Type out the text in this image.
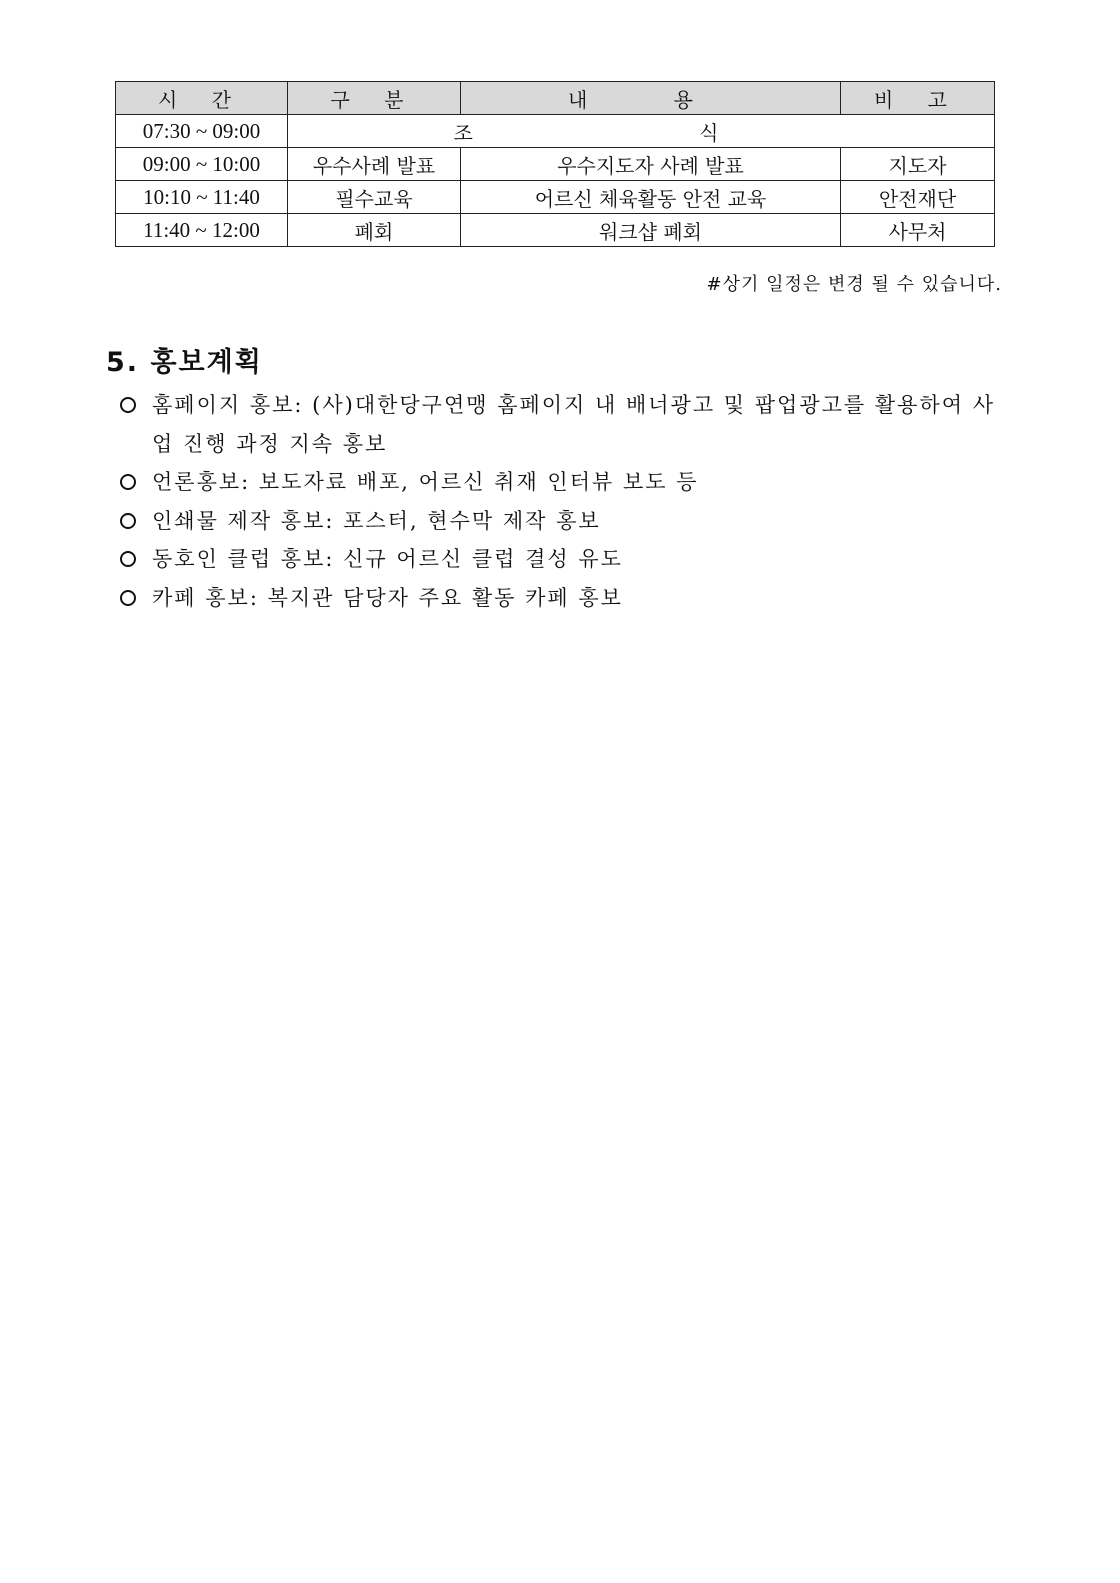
시 간	구 분	내 용	비 고
07:30 ~ 09:00	조 식		
09:00 ~ 10:00	우수사례 발표	우수지도자 사례 발표	지도자
10:10 ~ 11:40	필수교육	어르신 체육활동 안전 교육	안전재단
11:40 ~ 12:00	폐회	워크샵 폐회	사무처
#상기 일정은 변경 될 수 있습니다.
5. 홍보계획
홈페이지 홍보: (사)대한당구연맹 홈페이지 내 배너광고 및 팝업광고를 활용하여 사업 진행 과정 지속 홍보
언론홍보: 보도자료 배포, 어르신 취재 인터뷰 보도 등
인쇄물 제작 홍보: 포스터, 현수막 제작 홍보
동호인 클럽 홍보: 신규 어르신 클럽 결성 유도
카페 홍보: 복지관 담당자 주요 활동 카페 홍보
